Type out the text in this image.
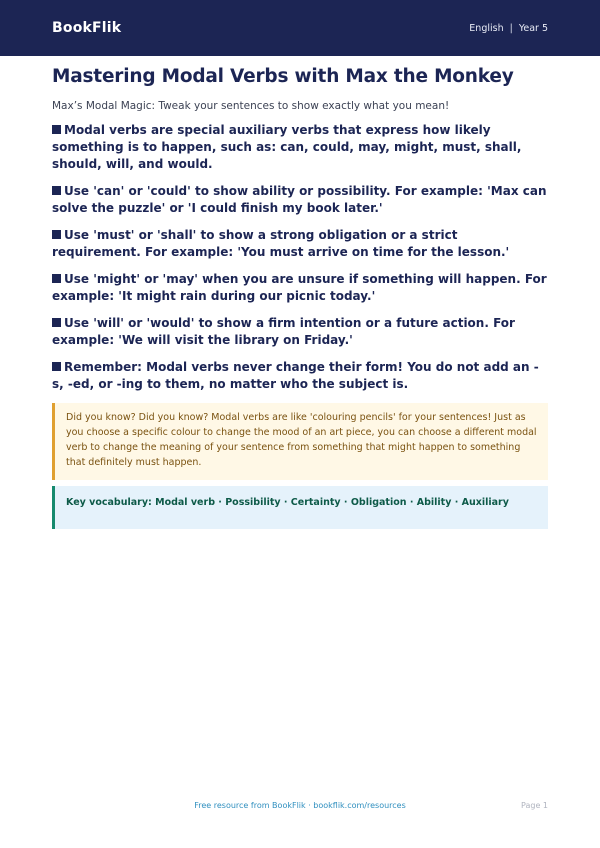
BookFlik	English | Year 5
Mastering Modal Verbs with Max the Monkey

Max’s Modal Magic: Tweak your sentences to show exactly what you mean!

Modal verbs are special auxiliary verbs that express how likely something is to happen, such as: can, could, may, might, must, shall, should, will, and would.
Use 'can' or 'could' to show ability or possibility. For example: 'Max can solve the puzzle' or 'I could finish my book later.'
Use 'must' or 'shall' to show a strong obligation or a strict requirement. For example: 'You must arrive on time for the lesson.'
Use 'might' or 'may' when you are unsure if something will happen. For example: 'It might rain during our picnic today.'
Use 'will' or 'would' to show a firm intention or a future action. For example: 'We will visit the library on Friday.'
Remember: Modal verbs never change their form! You do not add an -s, -ed, or -ing to them, no matter who the subject is.
Did you know? Did you know? Modal verbs are like 'colouring pencils' for your sentences! Just as you choose a specific colour to change the mood of an art piece, you can choose a different modal verb to change the meaning of your sentence from something that might happen to something that definitely must happen.
Key vocabulary: Modal verb · Possibility · Certainty · Obligation · Ability · Auxiliary
Free resource from BookFlik · bookflik.com/resources	Page 1
